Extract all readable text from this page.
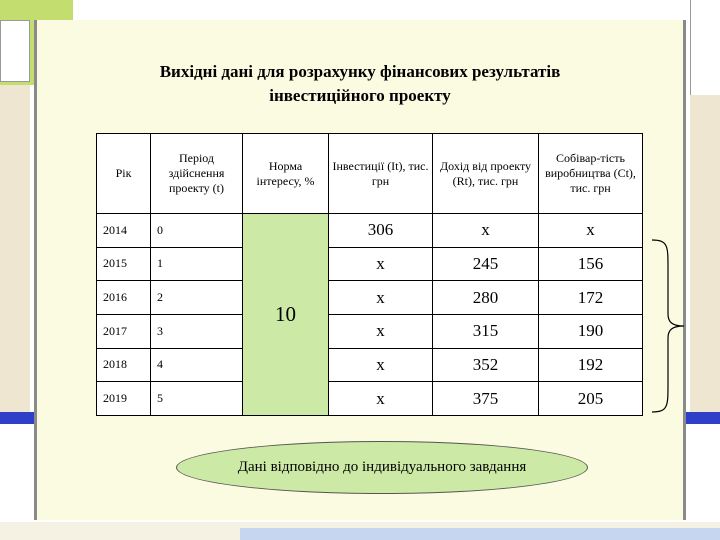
Вихідні дані для розрахунку фінансових результатів
інвестиційного проекту
Рік	Період здійснення проекту (t)	Норма інтересу, %	Інвестиції (It), тис. грн	Дохід від проекту (Rt), тис. грн	Собівар-тість виробництва (Ct), тис. грн
2014	0	10	306	x	x
2015	1		x	245	156
2016	2		x	280	172
2017	3		x	315	190
2018	4		x	352	192
2019	5		x	375	205
Дані відповідно до індивідуального завдання
